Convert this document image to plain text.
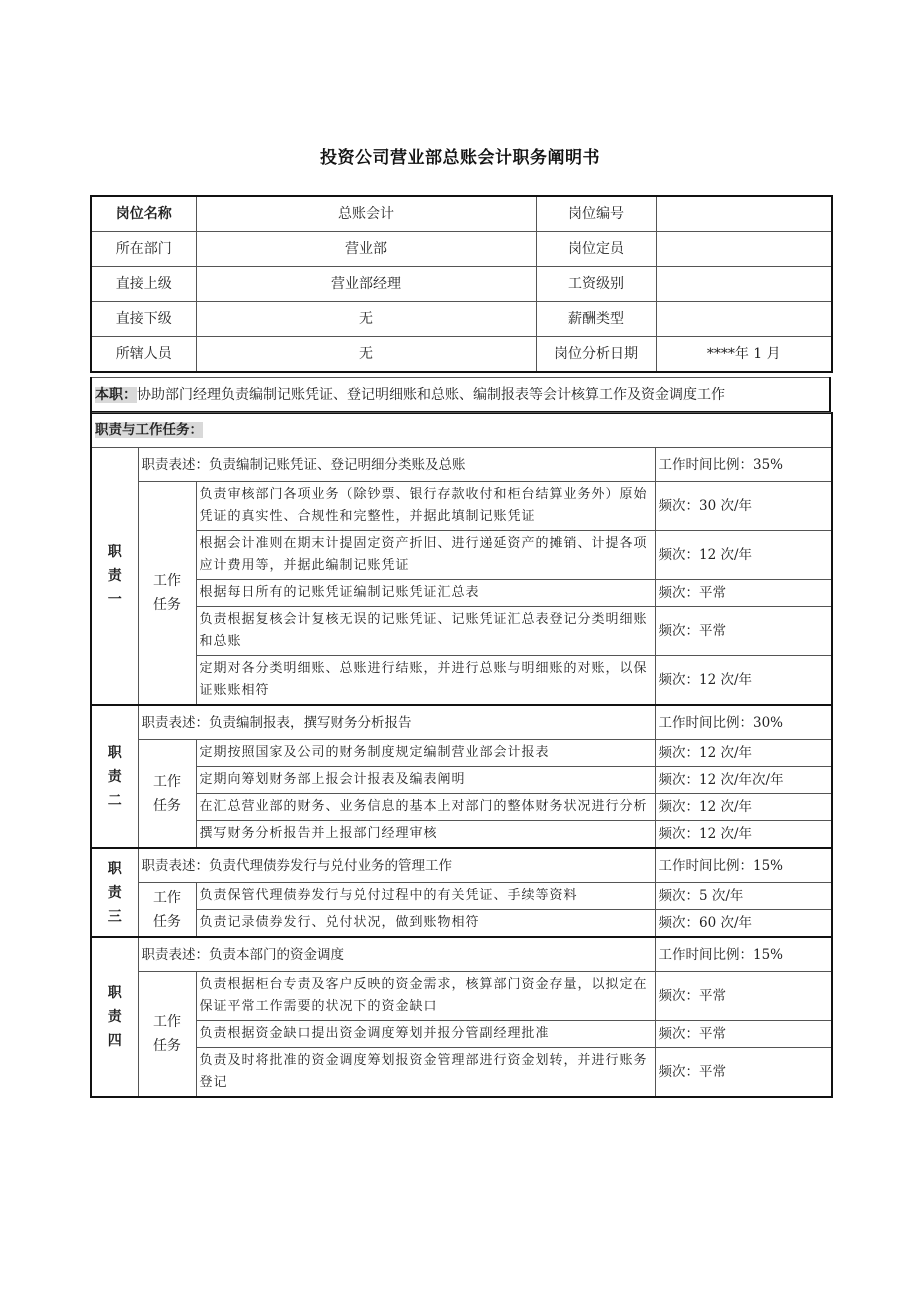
投资公司营业部总账会计职务阐明书
岗位名称	总账会计	岗位编号	
所在部门	营业部	岗位定员	
直接上级	营业部经理	工资级别	
直接下级	无	薪酬类型	
所辖人员	无	岗位分析日期	****年 1 月
本职：协助部门经理负责编制记账凭证、登记明细账和总账、编制报表等会计核算工作及资金调度工作
职责与工作任务：			

职
责
一	职责表述：负责编制记账凭证、登记明细分类账及总账		工作时间比例：35%

	工作
任务	负责审核部门各项业务（除钞票、银行存款收付和柜台结算业务外）原始凭证的真实性、合规性和完整性，并据此填制记账凭证	频次：30 次/年
		根据会计准则在期末计提固定资产折旧、进行递延资产的摊销、计提各项应计费用等，并据此编制记账凭证	频次：12 次/年
		根据每日所有的记账凭证编制记账凭证汇总表	频次：平常
		负责根据复核会计复核无误的记账凭证、记账凭证汇总表登记分类明细账和总账	频次：平常
		定期对各分类明细账、总账进行结账，并进行总账与明细账的对账，以保证账账相符	频次：12 次/年

职
责
二	职责表述：负责编制报表，撰写财务分析报告		工作时间比例：30%

	工作
任务	定期按照国家及公司的财务制度规定编制营业部会计报表	频次：12 次/年
		定期向筹划财务部上报会计报表及编表阐明	频次：12 次/年次/年
		在汇总营业部的财务、业务信息的基本上对部门的整体财务状况进行分析	频次：12 次/年
		撰写财务分析报告并上报部门经理审核	频次：12 次/年

职
责
三	职责表述：负责代理债券发行与兑付业务的管理工作		工作时间比例：15%

	工作
任务	负责保管代理债券发行与兑付过程中的有关凭证、手续等资料	频次：5 次/年
		负责记录债券发行、兑付状况，做到账物相符	频次：60 次/年

职
责
四	职责表述：负责本部门的资金调度		工作时间比例：15%

	工作
任务	负责根据柜台专责及客户反映的资金需求，核算部门资金存量，以拟定在保证平常工作需要的状况下的资金缺口	频次：平常
		负责根据资金缺口提出资金调度筹划并报分管副经理批准	频次：平常
		负责及时将批准的资金调度筹划报资金管理部进行资金划转，并进行账务登记	频次：平常
